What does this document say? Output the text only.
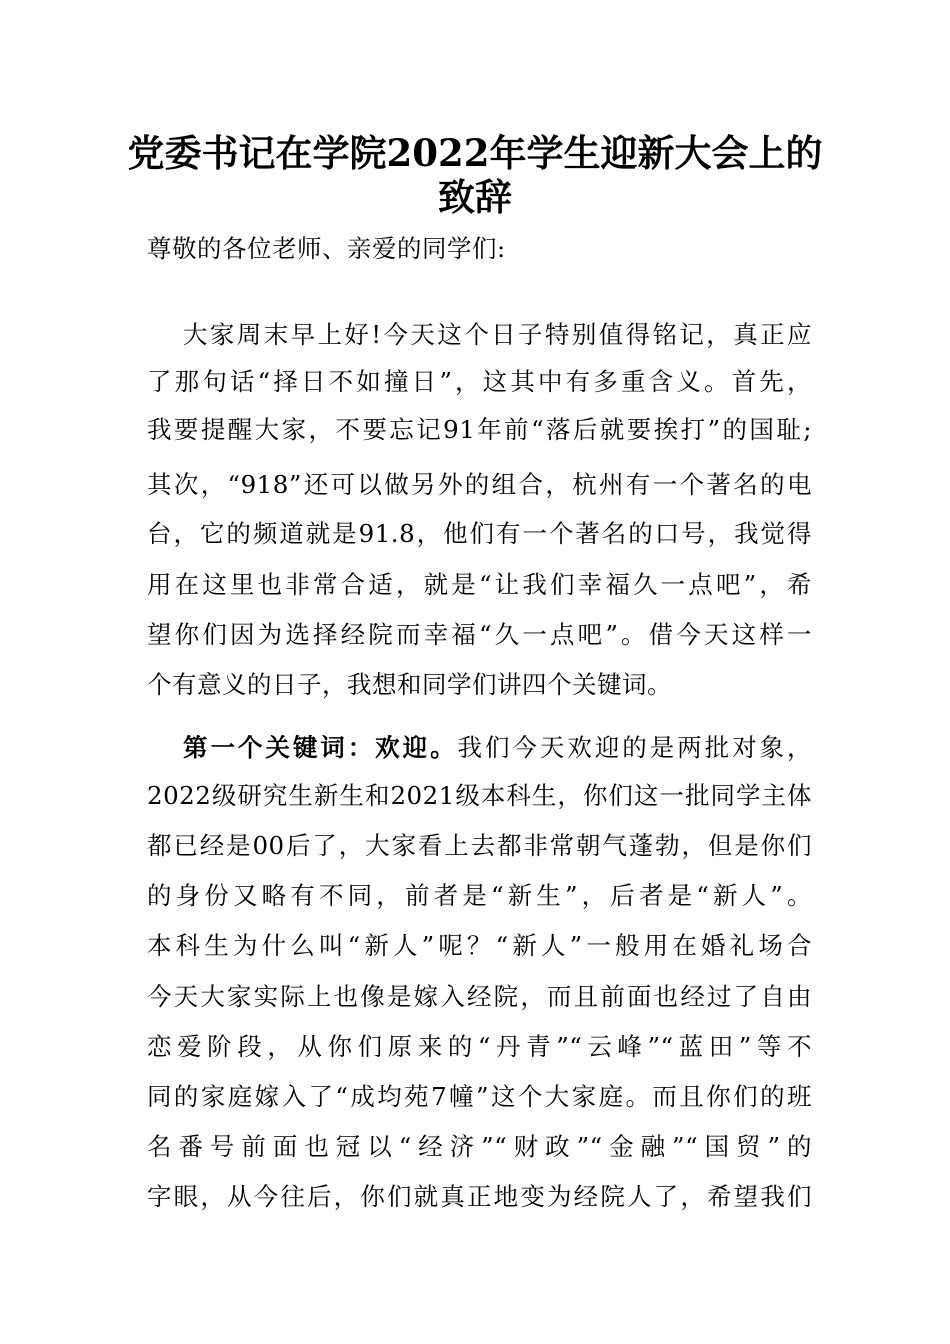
党委书记在学院2022年学生迎新大会上的
致辞
尊敬的各位老师、亲爱的同学们:
大家周末早上好!今天这个日子特别值得铭记，真正应
了那句话“择日不如撞日”，这其中有多重含义。首先，
我要提醒大家，不要忘记91年前“落后就要挨打”的国耻;
其次，“918”还可以做另外的组合，杭州有一个著名的电
台，它的频道就是91.8，他们有一个著名的口号，我觉得
用在这里也非常合适，就是“让我们幸福久一点吧”，希
望你们因为选择经院而幸福“久一点吧”。借今天这样一
个有意义的日子，我想和同学们讲四个关键词。
第一个关键词：欢迎。我们今天欢迎的是两批对象，
2022级研究生新生和2021级本科生，你们这一批同学主体
都已经是00后了，大家看上去都非常朝气蓬勃，但是你们
的身份又略有不同，前者是“新生”，后者是“新人”。
本科生为什么叫“新人”呢？“新人”一般用在婚礼场合
今天大家实际上也像是嫁入经院，而且前面也经过了自由
恋爱阶段，从你们原来的“丹青”“云峰”“蓝田”等不
同的家庭嫁入了“成均苑7幢”这个大家庭。而且你们的班
名番号前面也冠以“经济”“财政”“金融”“国贸”的
字眼，从今往后，你们就真正地变为经院人了，希望我们
